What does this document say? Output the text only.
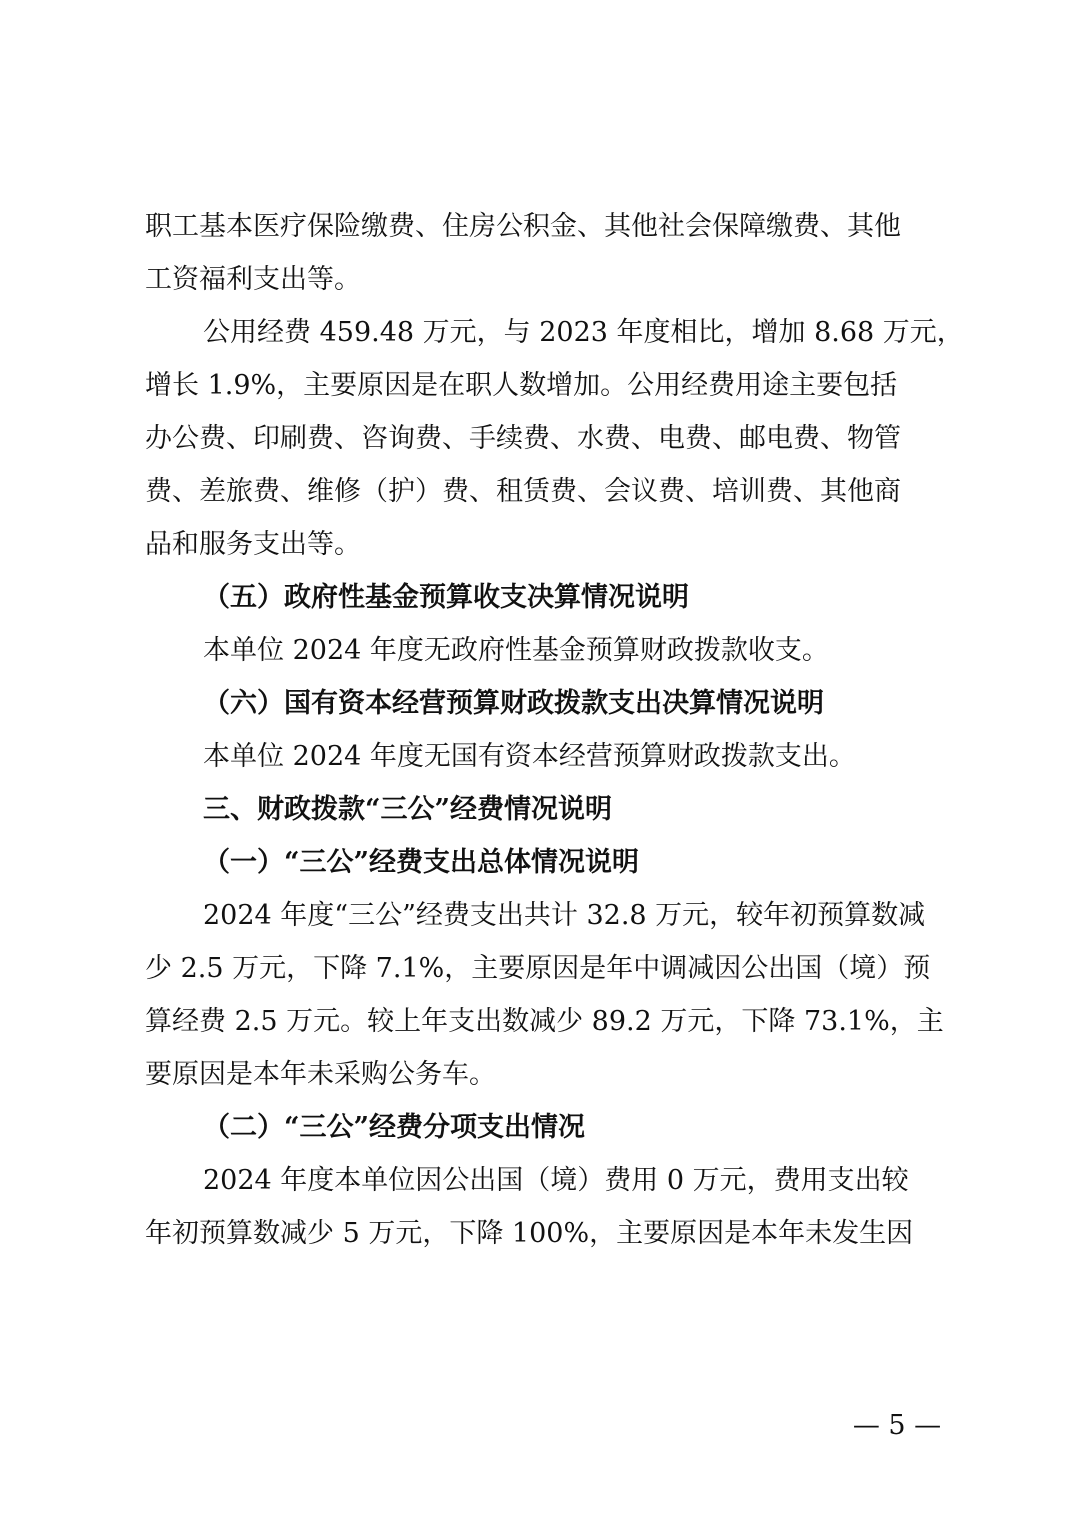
职工基本医疗保险缴费、住房公积金、其他社会保障缴费、其他
工资福利支出等。
公用经费 459.48 万元，与 2023 年度相比，增加 8.68 万元，
增长 1.9%，主要原因是在职人数增加。公用经费用途主要包括
办公费、印刷费、咨询费、手续费、水费、电费、邮电费、物管
费、差旅费、维修（护）费、租赁费、会议费、培训费、其他商
品和服务支出等。
（五）政府性基金预算收支决算情况说明
本单位 2024 年度无政府性基金预算财政拨款收支。
（六）国有资本经营预算财政拨款支出决算情况说明
本单位 2024 年度无国有资本经营预算财政拨款支出。
三、财政拨款“三公”经费情况说明
（一）“三公”经费支出总体情况说明
2024 年度“三公”经费支出共计 32.8 万元，较年初预算数减
少 2.5 万元，下降 7.1%，主要原因是年中调减因公出国（境）预
算经费 2.5 万元。较上年支出数减少 89.2 万元，下降 73.1%，主
要原因是本年未采购公务车。
（二）“三公”经费分项支出情况
2024 年度本单位因公出国（境）费用 0 万元，费用支出较
年初预算数减少 5 万元，下降 100%，主要原因是本年未发生因
— 5 —
